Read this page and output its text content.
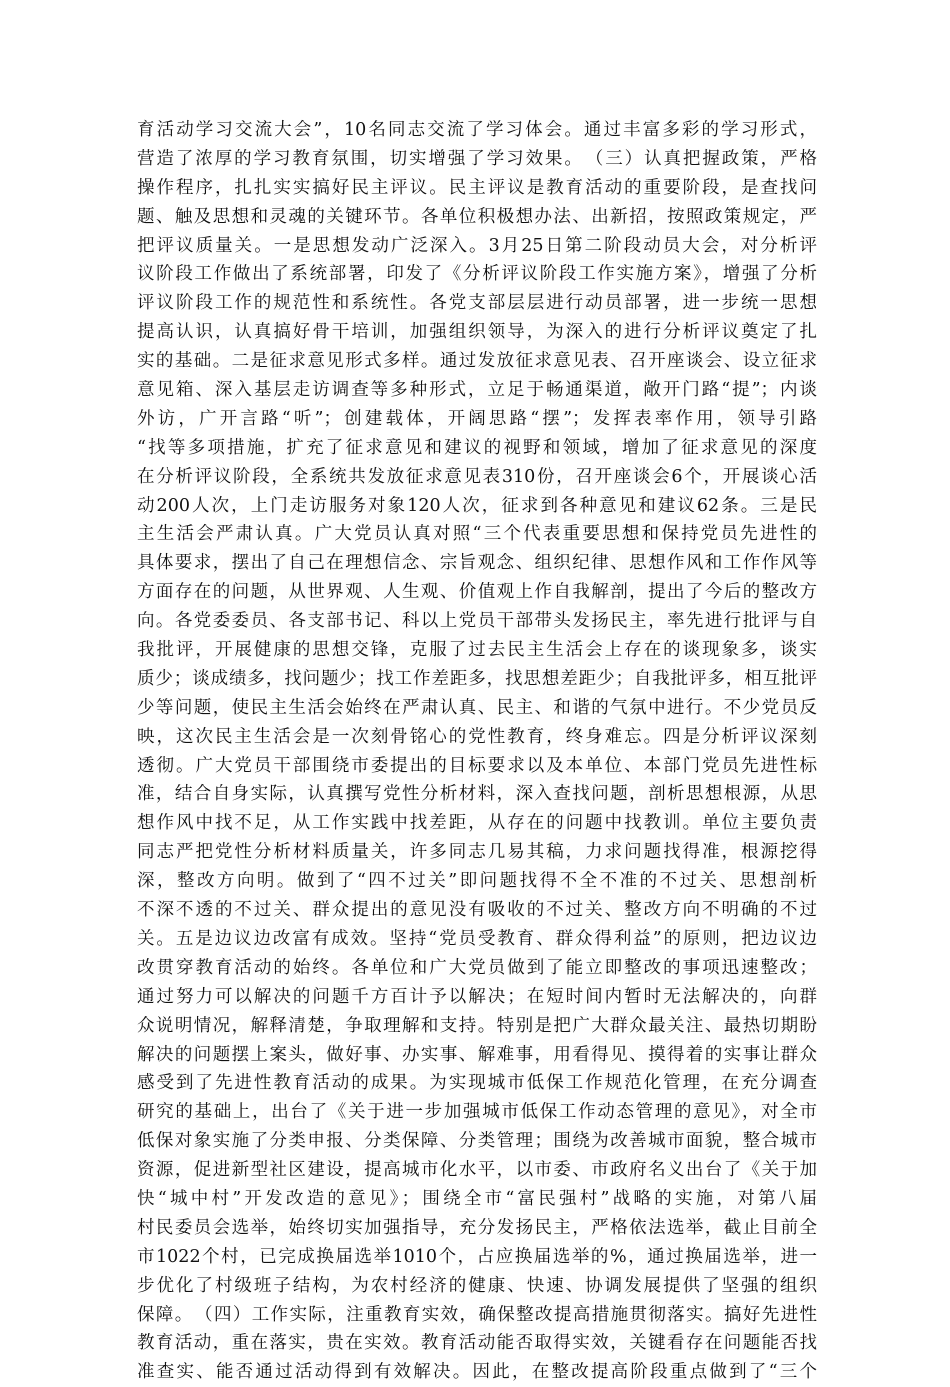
育活动学习交流大会”，10名同志交流了学习体会。通过丰富多彩的学习形式，
营造了浓厚的学习教育氛围，切实增强了学习效果。　（三）认真把握政策，严格
操作程序，扎扎实实搞好民主评议。民主评议是教育活动的重要阶段，是查找问
题、触及思想和灵魂的关键环节。各单位积极想办法、出新招，按照政策规定，严
把评议质量关。一是思想发动广泛深入。3月25日第二阶段动员大会，对分析评
议阶段工作做出了系统部署，印发了《分析评议阶段工作实施方案》，增强了分析
评议阶段工作的规范性和系统性。各党支部层层进行动员部署，进一步统一思想
提高认识，认真搞好骨干培训，加强组织领导，为深入的进行分析评议奠定了扎
实的基础。二是征求意见形式多样。通过发放征求意见表、召开座谈会、设立征求
意见箱、深入基层走访调查等多种形式，立足于畅通渠道，敞开门路“提”；内谈
外访，广开言路“听”；创建载体，开阔思路“摆”；发挥表率作用，领导引路
“找等多项措施，扩充了征求意见和建议的视野和领域，增加了征求意见的深度
在分析评议阶段，全系统共发放征求意见表310份，召开座谈会6个，开展谈心活
动200人次，上门走访服务对象120人次，征求到各种意见和建议62条。三是民
主生活会严肃认真。广大党员认真对照“三个代表重要思想和保持党员先进性的
具体要求，摆出了自己在理想信念、宗旨观念、组织纪律、思想作风和工作作风等
方面存在的问题，从世界观、人生观、价值观上作自我解剖，提出了今后的整改方
向。各党委委员、各支部书记、科以上党员干部带头发扬民主，率先进行批评与自
我批评，开展健康的思想交锋，克服了过去民主生活会上存在的谈现象多，谈实
质少；谈成绩多，找问题少；找工作差距多，找思想差距少；自我批评多，相互批评
少等问题，使民主生活会始终在严肃认真、民主、和谐的气氛中进行。不少党员反
映，这次民主生活会是一次刻骨铭心的党性教育，终身难忘。四是分析评议深刻
透彻。广大党员干部围绕市委提出的目标要求以及本单位、本部门党员先进性标
准，结合自身实际，认真撰写党性分析材料，深入查找问题，剖析思想根源，从思
想作风中找不足，从工作实践中找差距，从存在的问题中找教训。单位主要负责
同志严把党性分析材料质量关，许多同志几易其稿，力求问题找得准，根源挖得
深，整改方向明。做到了“四不过关”即问题找得不全不准的不过关、思想剖析
不深不透的不过关、群众提出的意见没有吸收的不过关、整改方向不明确的不过
关。五是边议边改富有成效。坚持“党员受教育、群众得利益”的原则，把边议边
改贯穿教育活动的始终。各单位和广大党员做到了能立即整改的事项迅速整改；
通过努力可以解决的问题千方百计予以解决；在短时间内暂时无法解决的，向群
众说明情况，解释清楚，争取理解和支持。特别是把广大群众最关注、最热切期盼
解决的问题摆上案头，做好事、办实事、解难事，用看得见、摸得着的实事让群众
感受到了先进性教育活动的成果。为实现城市低保工作规范化管理，在充分调查
研究的基础上，出台了《关于进一步加强城市低保工作动态管理的意见》，对全市
低保对象实施了分类申报、分类保障、分类管理；围绕为改善城市面貌，整合城市
资源，促进新型社区建设，提高城市化水平，以市委、市政府名义出台了《关于加
快“城中村”开发改造的意见》；围绕全市“富民强村”战略的实施，对第八届
村民委员会选举，始终切实加强指导，充分发扬民主，严格依法选举，截止目前全
市1022个村，已完成换届选举1010个，占应换届选举的%，通过换届选举，进一
步优化了村级班子结构，为农村经济的健康、快速、协调发展提供了坚强的组织
保障。　（四）工作实际，注重教育实效，确保整改提高措施贯彻落实。搞好先进性
教育活动，重在落实，贵在实效。教育活动能否取得实效，关键看存在问题能否找
准查实、能否通过活动得到有效解决。因此，在整改提高阶段重点做到了“三个
